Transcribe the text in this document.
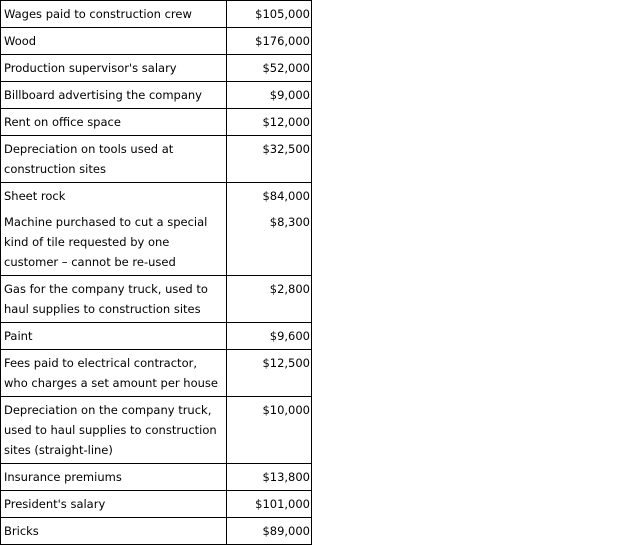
Wages paid to construction crew	$105,000
Wood	$176,000
Production supervisor's salary	$52,000
Billboard advertising the company	$9,000
Rent on office space	$12,000
Depreciation on tools used at construction sites	$32,500
Sheet rock	$84,000
Machine purchased to cut a special kind of tile requested by one customer – cannot be re-used	$8,300
Gas for the company truck, used to haul supplies to construction sites	$2,800
Paint	$9,600
Fees paid to electrical contractor, who charges a set amount per house	$12,500
Depreciation on the company truck, used to haul supplies to construction sites (straight-line)	$10,000
Insurance premiums	$13,800
President's salary	$101,000
Bricks	$89,000
